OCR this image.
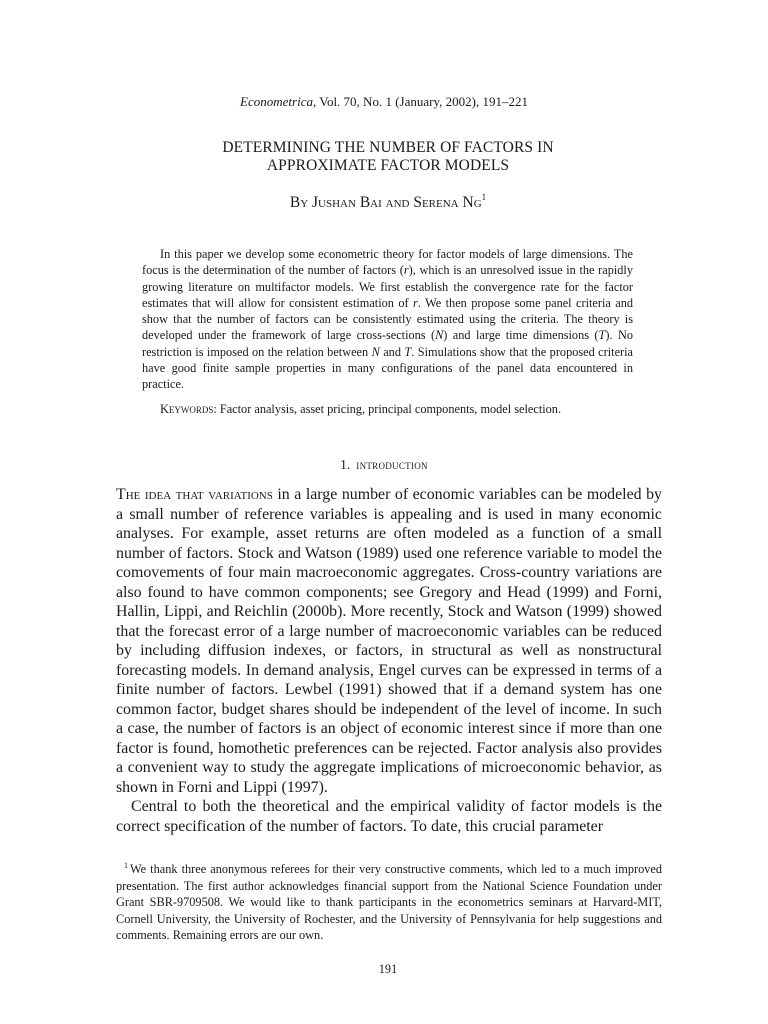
Econometrica, Vol. 70, No. 1 (January, 2002), 191–221
DETERMINING THE NUMBER OF FACTORS IN
APPROXIMATE FACTOR MODELS
By Jushan Bai and Serena Ng$^1$
In this paper we develop some econometric theory for factor models of large dimensions. The focus is the determination of the number of factors (r), which is an unresolved issue in the rapidly growing literature on multifactor models. We first establish the convergence rate for the factor estimates that will allow for consistent estimation of r. We then propose some panel criteria and show that the number of factors can be consistently estimated using the criteria. The theory is developed under the framework of large cross-sections (N) and large time dimensions (T). No restriction is imposed on the relation between N and T. Simulations show that the proposed criteria have good finite sample properties in many configurations of the panel data encountered in practice.
Keywords: Factor analysis, asset pricing, principal components, model selection.
1. introduction

The idea that variations in a large number of economic variables can be modeled by a small number of reference variables is appealing and is used in many economic analyses. For example, asset returns are often modeled as a function of a small number of factors. Stock and Watson (1989) used one reference variable to model the comovements of four main macroeconomic aggregates. Cross-country variations are also found to have common components; see Gregory and Head (1999) and Forni, Hallin, Lippi, and Reichlin (2000b). More recently, Stock and Watson (1999) showed that the forecast error of a large number of macroeconomic variables can be reduced by including diffusion indexes, or factors, in structural as well as nonstructural forecasting models. In demand analysis, Engel curves can be expressed in terms of a finite number of factors. Lewbel (1991) showed that if a demand system has one common factor, budget shares should be independent of the level of income. In such a case, the number of factors is an object of economic interest since if more than one factor is found, homothetic preferences can be rejected. Factor analysis also provides a convenient way to study the aggregate implications of microeconomic behavior, as shown in Forni and Lippi (1997).

Central to both the theoretical and the empirical validity of factor models is the correct specification of the number of factors. To date, this crucial parameter

$^1$ We thank three anonymous referees for their very constructive comments, which led to a much improved presentation. The first author acknowledges financial support from the National Science Foundation under Grant SBR-9709508. We would like to thank participants in the econometrics seminars at Harvard-MIT, Cornell University, the University of Rochester, and the University of Pennsylvania for help suggestions and comments. Remaining errors are our own.
191
